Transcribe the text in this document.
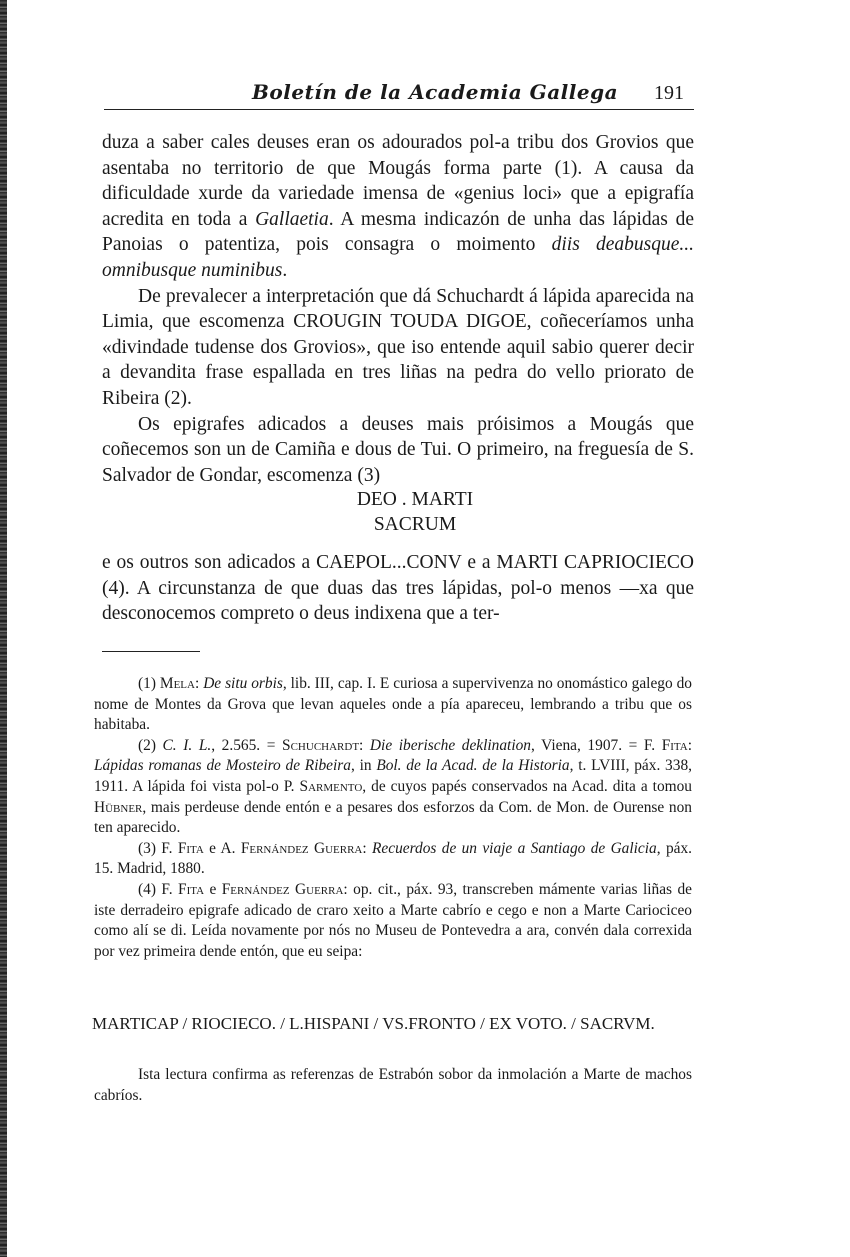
Boletín de la Academia Gallega 191

duza a saber cales deuses eran os adourados pol-a tribu dos Grovios que asentaba no territorio de que Mougás forma parte (1). A causa da dificuldade xurde da variedade imensa de «genius loci» que a epigrafía acredita en toda a Gallaetia. A mesma indicazón de unha das lápidas de Panoias o patentiza, pois consagra o moimento diis deabusque... omnibusque numinibus.

De prevalecer a interpretación que dá Schuchardt á lápida aparecida na Limia, que escomenza CROUGIN TOUDA DIGOE, coñeceríamos unha «divindade tudense dos Grovios», que iso entende aquil sabio querer decir a devandita frase espallada en tres liñas na pedra do vello priorato de Ribeira (2).

Os epigrafes adicados a deuses mais próisimos a Mougás que coñecemos son un de Camiña e dous de Tui. O primeiro, na freguesía de S. Salvador de Gondar, escomenza (3)

DEO . MARTI
SACRUM
e os outros son adicados a CAEPOL...CONV e a MARTI CAPRIOCIECO (4). A circunstanza de que duas das tres lápidas, pol-o menos —xa que desconocemos compreto o deus indixena que a ter-

(1) Mela: De situ orbis, lib. III, cap. I. E curiosa a supervivenza no onomástico galego do nome de Montes da Grova que levan aqueles onde a pía apareceu, lembrando a tribu que os habitaba.

(2) C. I. L., 2.565. = Schuchardt: Die iberische deklination, Viena, 1907. = F. Fita: Lápidas romanas de Mosteiro de Ribeira, in Bol. de la Acad. de la Historia, t. LVIII, páx. 338, 1911. A lápida foi vista pol-o P. Sarmento, de cuyos papés conservados na Acad. dita a tomou Hübner, mais perdeuse dende entón e a pesares dos esforzos da Com. de Mon. de Ourense non ten aparecido.

(3) F. Fita e A. Fernández Guerra: Recuerdos de un viaje a Santiago de Galicia, páx. 15. Madrid, 1880.

(4) F. Fita e Fernández Guerra: op. cit., páx. 93, transcreben mámente varias liñas de iste derradeiro epigrafe adicado de craro xeito a Marte cabrío e cego e non a Marte Cariociceo como alí se di. Leída novamente por nós no Museu de Pontevedra a ara, convén dala correxida por vez primeira dende entón, que eu seipa:

MARTICAP / RIOCIECO. / L.HISPANI / VS.FRONTO / EX VOTO. / SACRVM.

Ista lectura confirma as referenzas de Estrabón sobor da inmolación a Marte de machos cabríos.
